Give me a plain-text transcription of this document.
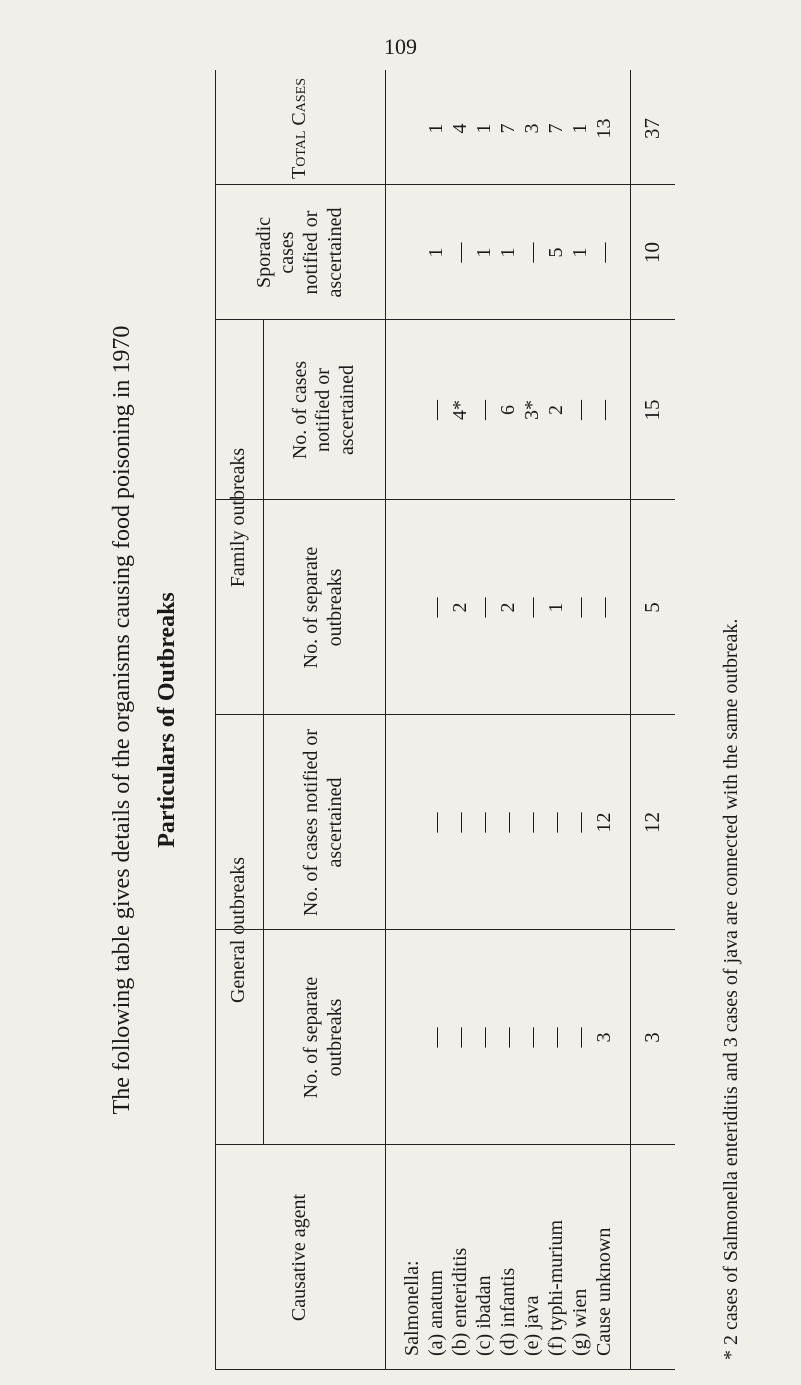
109
The following table gives details of the organisms causing food poisoning in 1970 Particulars of Outbreaks
Causative agent
General outbreaks
Family outbreaks
No. of separate outbreaks
No. of cases notified or ascertained
No. of separate outbreaks
No. of cases notified or ascertained
Sporadic cases notified or ascertained
Salmonella: (a) anatum (b) enteriditis (c) ibadan (d) infantis (e) java (f) typhi-murium (g) wien Cause unknown
— — — — — — — 3
— — — — — — — 12
— 2 — 2 — 1 — —
— 4* — 6 3* 2 — —
1 — 1 1 — 5 1 —
3
12
5
15
10
Total Cases	1 4 1 7 3 7 1 13 37
* 2 cases of Salmonella enteriditis and 3 cases of java are connected with the same outbreak.
